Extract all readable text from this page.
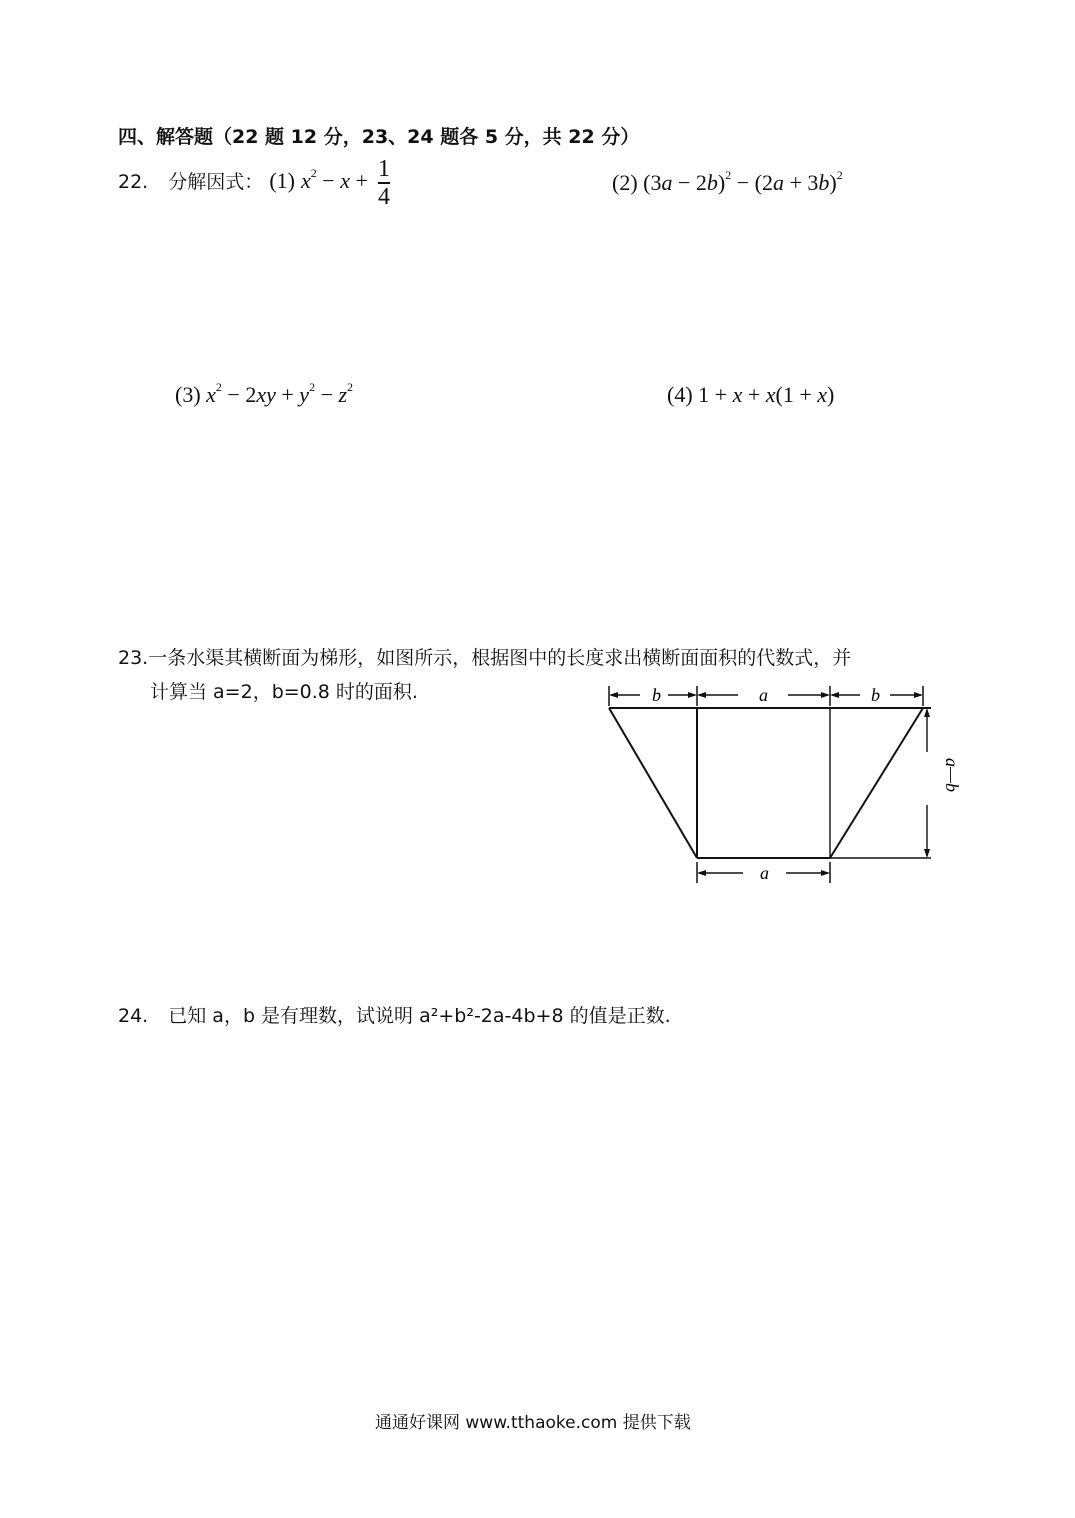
四、解答题（22 题 12 分，23、24 题各 5 分，共 22 分）
22. 分解因式： (1) $x^2 - x + \frac{1}{4}$	(2) $(3a - 2b)^2 - (2a + 3b)^2$
(3) $x^2 - 2xy + y^2 - z^2$	(4) 1 + x + x(1 + x)
23.一条水渠其横断面为梯形，如图所示，根据图中的长度求出横断面面积的代数式，并
计算当 a=2，b=0.8 时的面积.	b	a	b
a—b
a
24. 已知 a，b 是有理数，试说明 a²+b²-2a-4b+8 的值是正数.
通通好课网 www.tthaoke.com 提供下载
